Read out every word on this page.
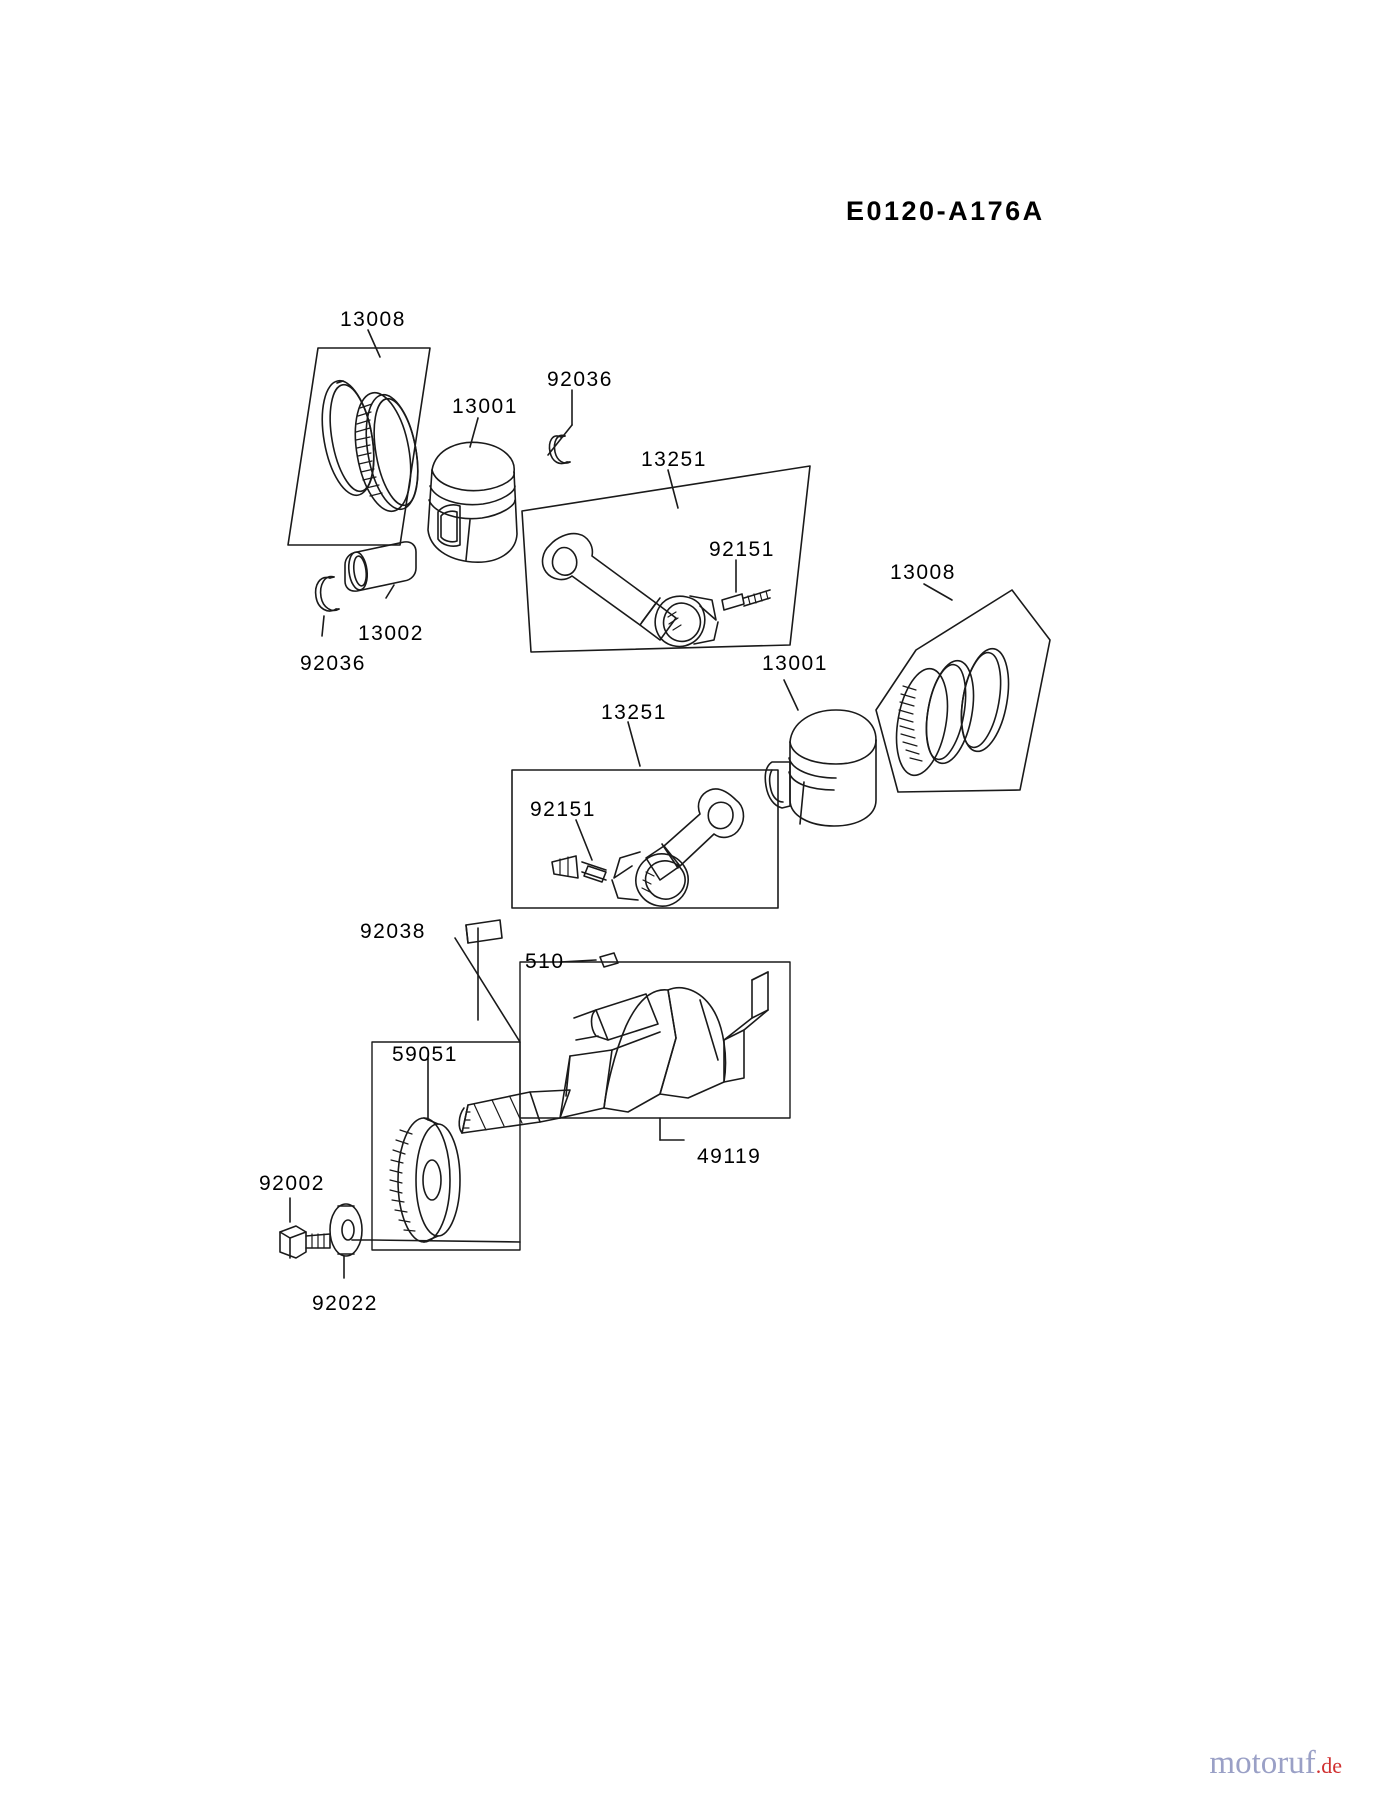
E0120-A176A
13008
92036
13001
13251
92151
13008
13002
92036	13001
13251
92151
92038
510
59051
49119
92002
92022
motoruf.de
